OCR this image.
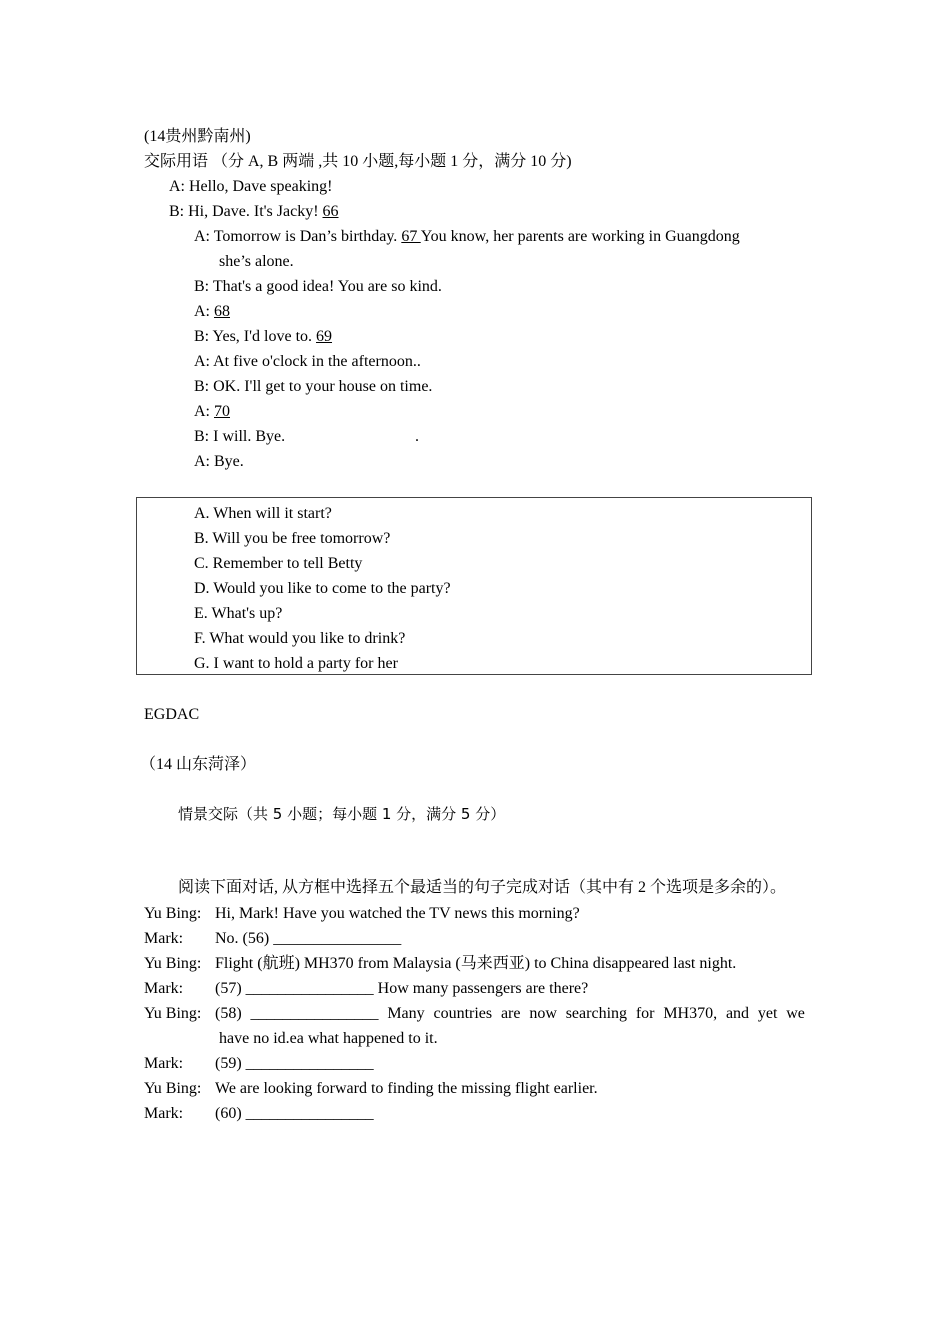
(14贵州黔南州)
交际用语 （分 A, B 两端 ,共 10 小题,每小题 1 分，满分 10 分)
A: Hello, Dave speaking!
B: Hi, Dave. It's Jacky! 66
A: Tomorrow is Dan’s birthday. 67 You know, her parents are working in Guangdong
she’s alone.
B: That's a good idea! You are so kind.
A: 68
B: Yes, I'd love to. 69
A: At five o'clock in the afternoon..
B: OK. I'll get to your house on time.
A: 70
B: I will. Bye.	.
A: Bye.
A. When will it start?
B. Will you be free tomorrow?
C. Remember to tell Betty
D. Would you like to come to the party?
E. What's up?
F. What would you like to drink?
G. I want to hold a party for her
EGDAC
（14 山东菏泽）
情景交际（共 5 小题；每小题 1 分，满分 5 分）
阅读下面对话, 从方框中选择五个最适当的句子完成对话（其中有 2 个选项是多余的）。
Yu Bing: Hi, Mark! Have you watched the TV news this morning?
Mark: No. (56) ________________
Yu Bing: Flight (航班) MH370 from Malaysia (马来西亚) to China disappeared last night.
Mark: (57) ________________ How many passengers are there?
Yu Bing: (58) ________________ Many countries are now searching for MH370, and yet we
have no id.ea what happened to it.
Mark: (59) ________________
Yu Bing: We are looking forward to finding the missing flight earlier.
Mark: (60) ________________
